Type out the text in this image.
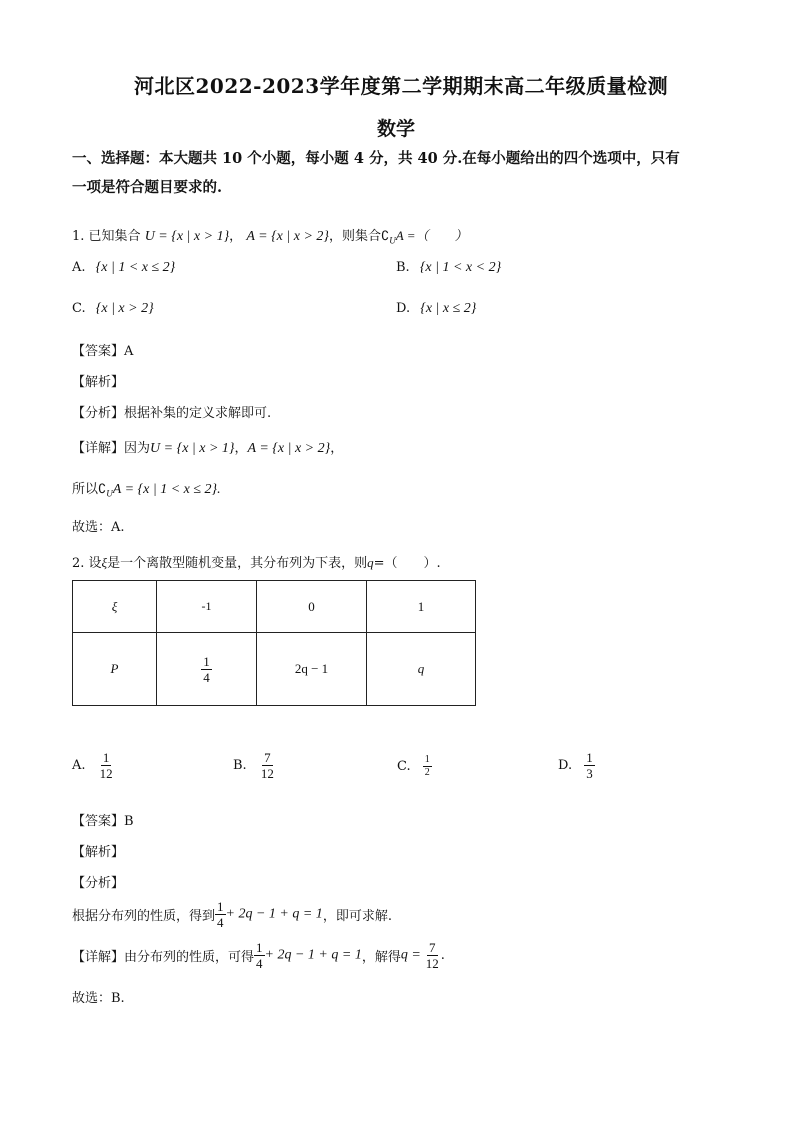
河北区2022-2023学年度第二学期期末高二年级质量检测
数学
一、选择题：本大题共 10 个小题，每小题 4 分，共 40 分.在每小题给出的四个选项中，只有
一项是符合题目要求的.
1. 已知集合 U = {x | x > 1}， A = {x | x > 2}，则集合$∁_UA$ =（　　）
A. {x | 1 < x ≤ 2}	B. {x | 1 < x < 2}
C. {x | x > 2}	D. {x | x ≤ 2}
【答案】A
【解析】
【分析】根据补集的定义求解即可.
【详解】因为U = {x | x > 1}，A = {x | x > 2}，
所以$∁_UA = \{x$ | 1 < x ≤ 2}.
故选：A.
2. 设ξ是一个离散型随机变量，其分布列为下表，则q=（　　）.
ξ	-1	0	1
P	$\frac{1}{4}$	2q − 1	q
A. $\frac{1}{12}$	B. $\frac{7}{12}$	C. $\frac{1}{2}$	D. $\frac{1}{3}$
【答案】B
【解析】
【分析】
根据分布列的性质，得到 $\frac{1}{4} + 2q - 1 + q = 1$，即可求解.
【详解】由分布列的性质，可得 $\frac{1}{4} + 2q - 1 + q = 1$，解得$q = \frac{7}{12}$ .
故选：B.
